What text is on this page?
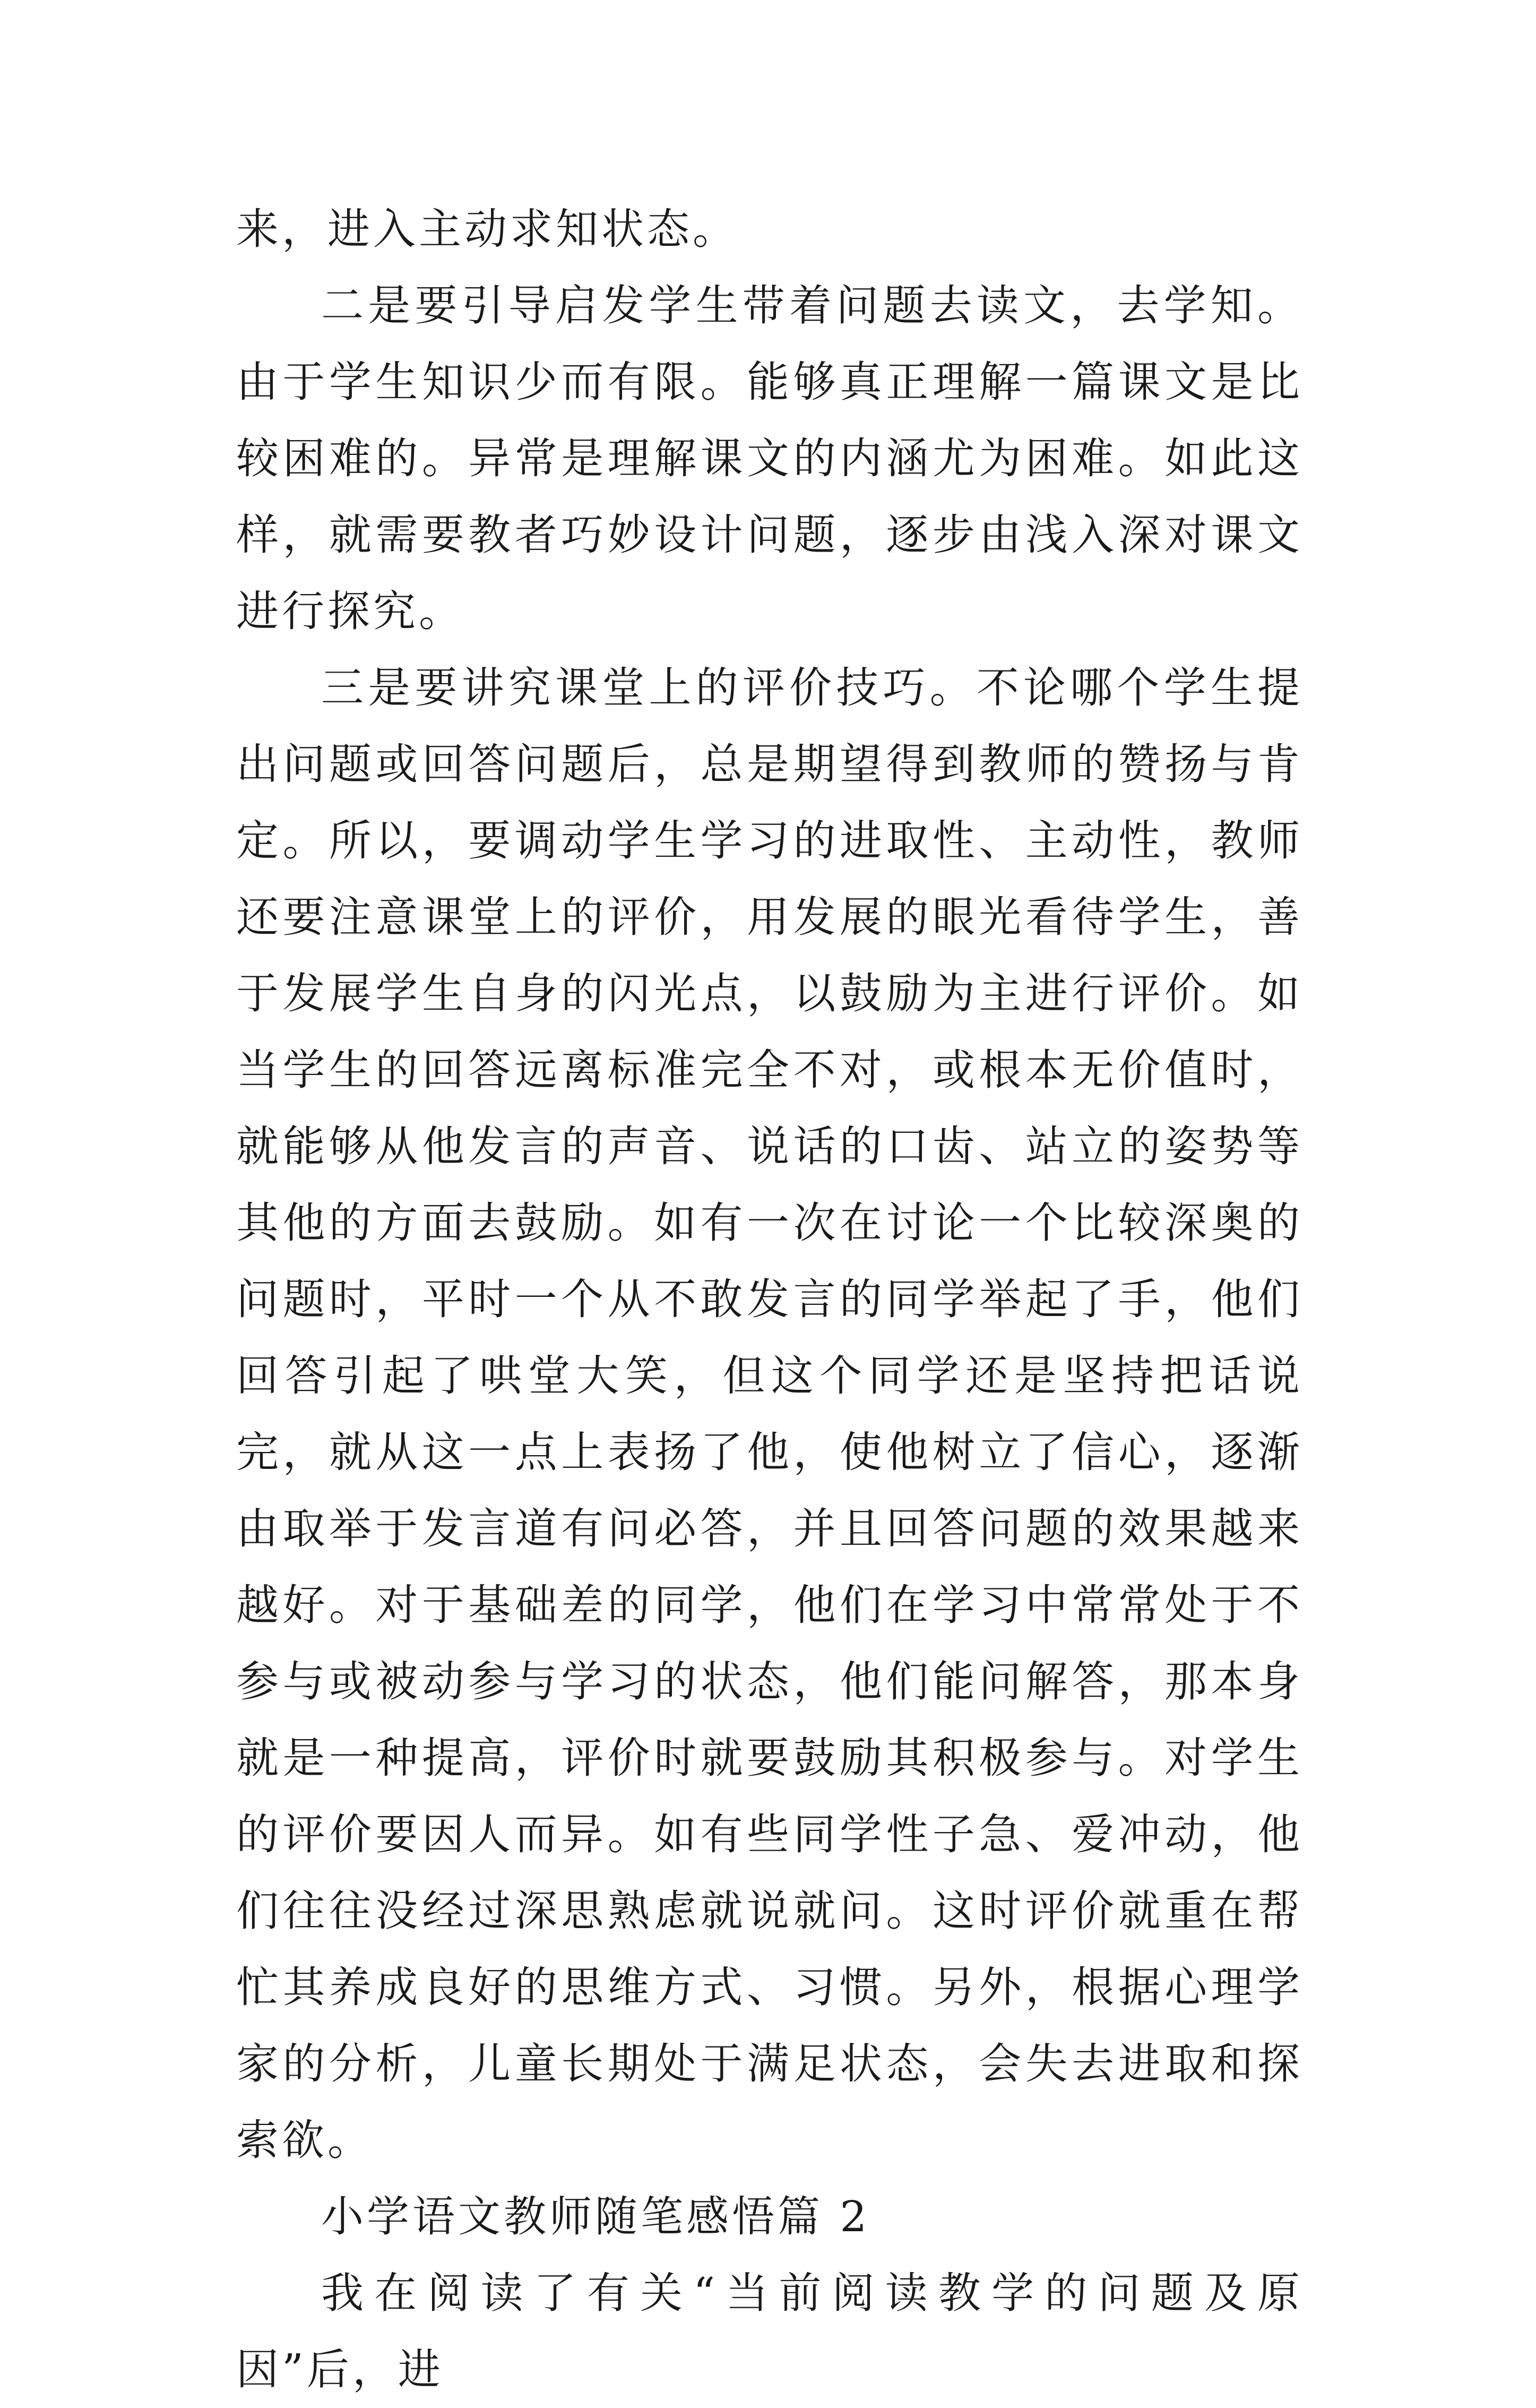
来，进入主动求知状态。

二是要引导启发学生带着问题去读文，去学知。由于学生知识少而有限。能够真正理解一篇课文是比较困难的。异常是理解课文的内涵尤为困难。如此这样，就需要教者巧妙设计问题，逐步由浅入深对课文进行探究。

三是要讲究课堂上的评价技巧。不论哪个学生提出问题或回答问题后，总是期望得到教师的赞扬与肯定。所以，要调动学生学习的进取性、主动性，教师还要注意课堂上的评价，用发展的眼光看待学生，善于发展学生自身的闪光点，以鼓励为主进行评价。如当学生的回答远离标准完全不对，或根本无价值时，就能够从他发言的声音、说话的口齿、站立的姿势等其他的方面去鼓励。如有一次在讨论一个比较深奥的问题时，平时一个从不敢发言的同学举起了手，他们回答引起了哄堂大笑，但这个同学还是坚持把话说完，就从这一点上表扬了他，使他树立了信心，逐渐由取举于发言道有问必答，并且回答问题的效果越来越好。对于基础差的同学，他们在学习中常常处于不参与或被动参与学习的状态，他们能问解答，那本身就是一种提高，评价时就要鼓励其积极参与。对学生的评价要因人而异。如有些同学性子急、爱冲动，他们往往没经过深思熟虑就说就问。这时评价就重在帮忙其养成良好的思维方式、习惯。另外，根据心理学家的分析，儿童长期处于满足状态，会失去进取和探索欲。

小学语文教师随笔感悟篇 2

我在阅读了有关“当前阅读教学的问题及原因”后，进
